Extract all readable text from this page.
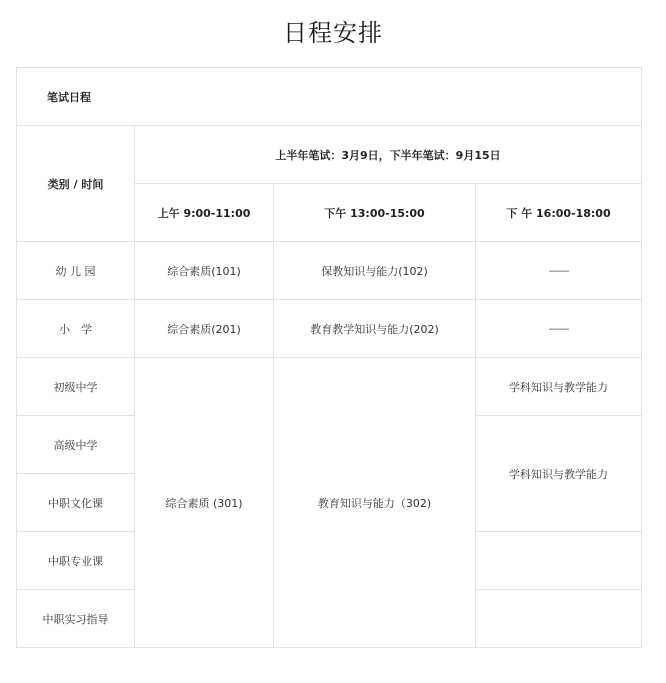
日程安排
笔试日程			
类别 / 时间	上半年笔试：3月9日，下半年笔试：9月15日		
	上午 9:00-11:00	下午 13:00-15:00	下 午 16:00-18:00
幼 儿 园	综合素质(101)	保教知识与能力(102)	——
小　学	综合素质(201)	教育教学知识与能力(202)	——
初级中学	综合素质 (301)	教育知识与能力（302)	学科知识与教学能力
高级中学			学科知识与教学能力
中职文化课			
中职专业课			
中职实习指导			
